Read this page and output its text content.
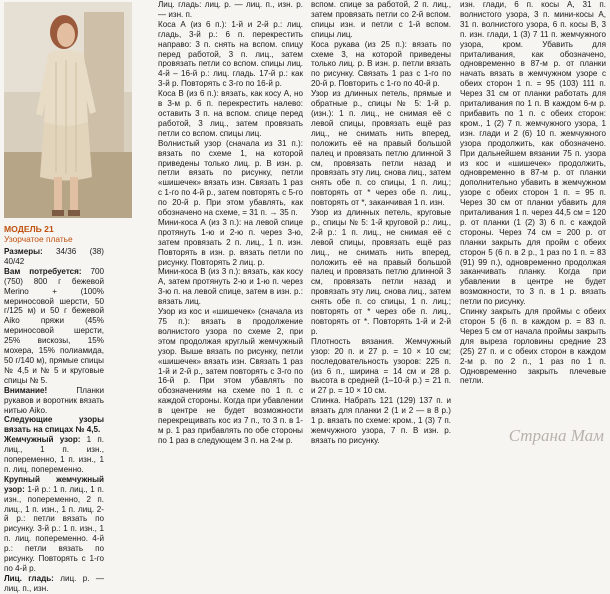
МОДЕЛЬ 21
Узорчатое платье

Размеры: 34/36 (38) 40/42

Вам потребуется: 700 (750) 800 г бежевой Merino + (100% мериносовой шерсти, 50 г/125 м) и 50 г бежевой Aiko пряжи (45% мериносовой шерсти, 25% вискозы, 15% мохера, 15% полиамида, 50 г/140 м), прямые спицы № 4,5 и № 5 и круговые спицы № 5.

Внимание! Планки рукавов и воротник вязать нитью Aiko.

Следующие узоры вязать на спицах № 4,5.

Жемчужный узор: 1 п. лиц., 1 п. изн., попеременно, 1 п. изн., 1 п. лиц. попеременно.

Крупный жемчужный узор: 1-й р.: 1 п. лиц., 1 п. изн., попеременно, 2 п. лиц., 1 п. изн., 1 п. лиц. 2-й р.: петли вязать по рисунку. 3-й р.: 1 п. изн., 1 п. лиц. попеременно. 4-й р.: петли вязать по рисунку. Повторять с 1-го по 4-й р.

Лиц. гладь: лиц. р. — лиц. п., изн.

Лиц. гладь: лиц. р. — лиц. п., изн. р. — изн. п.

Коса А (из 6 п.): 1-й и 2-й р.: лиц. гладь, 3-й р.: 6 п. перекрестить направо: 3 п. снять на вспом. спицу перед работой, 3 п. лиц., затем провязать петли со вспом. спицы лиц. 4-й – 16-й р.: лиц. гладь. 17-й р.: как 3-й р. Повторять с 3-го по 16-й р.

Коса В (из 6 п.): вязать, как косу А, но в 3-м р. 6 п. перекрестить налево: оставить 3 п. на вспом. спице перед работой, 3 лиц., затем провязать петли со вспом. спицы лиц.

Волнистый узор (сначала из 31 п.): вязать по схеме 1, на которой приведены только лиц. р. В изн. р. петли вязать по рисунку, петли «шишечек» вязать изн. Связать 1 раз с 1-го по 4-й р., затем повторять с 5-го по 20-й р. При этом убавлять, как обозначено на схеме, = 31 п. → 35 п.

Мини-коса А (из 3 п.): на левой спице протянуть 1-ю и 2-ю п. через 3-ю, затем провязать 2 п. лиц., 1 п. изн. Повторять в изн. р. вязать петли по рисунку. Повторять 2 лиц. р.

Мини-коса В (из 3 п.): вязать, как косу А, затем протянуть 2-ю и 1-ю п. через 3-ю п. на левой спице, затем в изн. р.: вязать лиц.

Узор из кос и «шишечек» (сначала из 75 п.): вязать в продолжение волнистого узора по схеме 2, при этом продолжая круглый жемчужный узор. Выше вязать по рисунку, петли «шишечек» вязать изн. Связать 1 раз 1-й и 2-й р., затем повторять с 3-го по 16-й р. При этом убавлять по обозначениям на схеме по 1 п. с каждой стороны. Когда при убавлении в центре не будет возможности перекрещивать кос из 7 п., то 3 п. в 1-м р. 1 раз прибавлять по обе стороны по 1 раз в следующем 3 п. на 2-м р.

вспом. спице за работой, 2 п. лиц., затем провязать петли со 2-й вспом. спицы изн. и петли с 1-й вспом. спицы лиц.

Коса рукава (из 25 п.): вязать по схеме 3, на которой приведены только лиц. р. В изн. р. петли вязать по рисунку. Связать 1 раз с 1-го по 20-й р. Повторить с 1-го по 40-й р.

Узор из длинных петель, прямые и обратные р., спицы № 5: 1-й р. (изн.): 1 п. лиц., не снимая её с левой спицы, провязать ещё раз лиц., не снимать нить вперед, положить её на правый большой палец и провязать петлю длинной 3 см, провязать петли назад и провязать эту лиц. снова лиц., затем снять обе п. со спицы, 1 п. лиц.; повторять от * через обе п. лиц., повторять от *, заканчивая 1 п. изн.

Узор из длинных петель, круговые р., спицы № 5: 1-й круговой р.: лиц., 2-й р.: 1 п. лиц., не снимая её с левой спицы, провязать ещё раз лиц., не снимать нить вперед, положить её на правый большой палец и провязать петлю длинной 3 см, провязать петли назад и провязать эту лиц. снова лиц., затем снять обе п. со спицы, 1 п. лиц.; повторять от * через обе п. лиц., повторять от *. Повторять 1-й и 2-й р.

Плотность вязания. Жемчужный узор: 20 п. и 27 р. = 10 × 10 см; последовательность узоров: 225 п. (из 6 п., ширина = 14 см и 28 р. высота в средней (1–10-й р.) = 21 п. и 27 р. = 10 × 10 см.

Спинка. Набрать 121 (129) 137 п. и вязать для планки 2 (1 и 2 — в 8 р.) 1 р. вязать по схеме: кром., 1 (3) 7 п. жемчужного узора, 7 п. В изн. р. вязать по рисунку.

изн. глади, 6 п. косы А, 31 п. волнистого узора, 3 п. мини-косы А, 31 п. волнистого узора, 6 п. косы В, 3 п. изн. глади, 1 (3) 7 11 п. жемчужного узора, кром. Убавить для приталивания, как обозначено, одновременно в 87-м р. от планки начать вязать в жемчужном узоре с обеих сторон 1 п. = 95 (103) 111 п. Через 31 см от планки работать для приталивания по 1 п. В каждом 6-м р. прибавить по 1 п. с обеих сторон: кром., 1 (2) 7 п. жемчужного узора, 1 изн. глади и 2 (6) 10 п. жемчужного узора продолжить, как обозначено. При дальнейшем вязании 75 п. узора из кос и «шишечек» продолжить, одновременно в 87-м р. от планки дополнительно убавить в жемчужном узоре с обеих сторон 1 п. = 95 п. Через 30 см от планки убавить для приталивания 1 п. через 44,5 см = 120 р. от планки (1 (2) 3) 6 п. с каждой стороны. Через 74 см = 200 р. от планки закрыть для пройм с обеих сторон 5 (6 п. в 2 р., 1 раз по 1 п. = 83 (91) 99 п.), одновременно продолжая заканчивать планку. Когда при убавлении в центре не будет возможности, то 3 п. в 1 р. вязать петли по рисунку.

Спинку закрыть для проймы с обеих сторон 5 (6 п. в каждом р. = 83 п. Через 5 см от начала проймы закрыть для выреза горловины средние 23 (25) 27 п. и с обеих сторон в каждом 2-м р. по 2 п., 1 раз по 1 п. Одновременно закрыть плечевые петли.

Страна Мам
